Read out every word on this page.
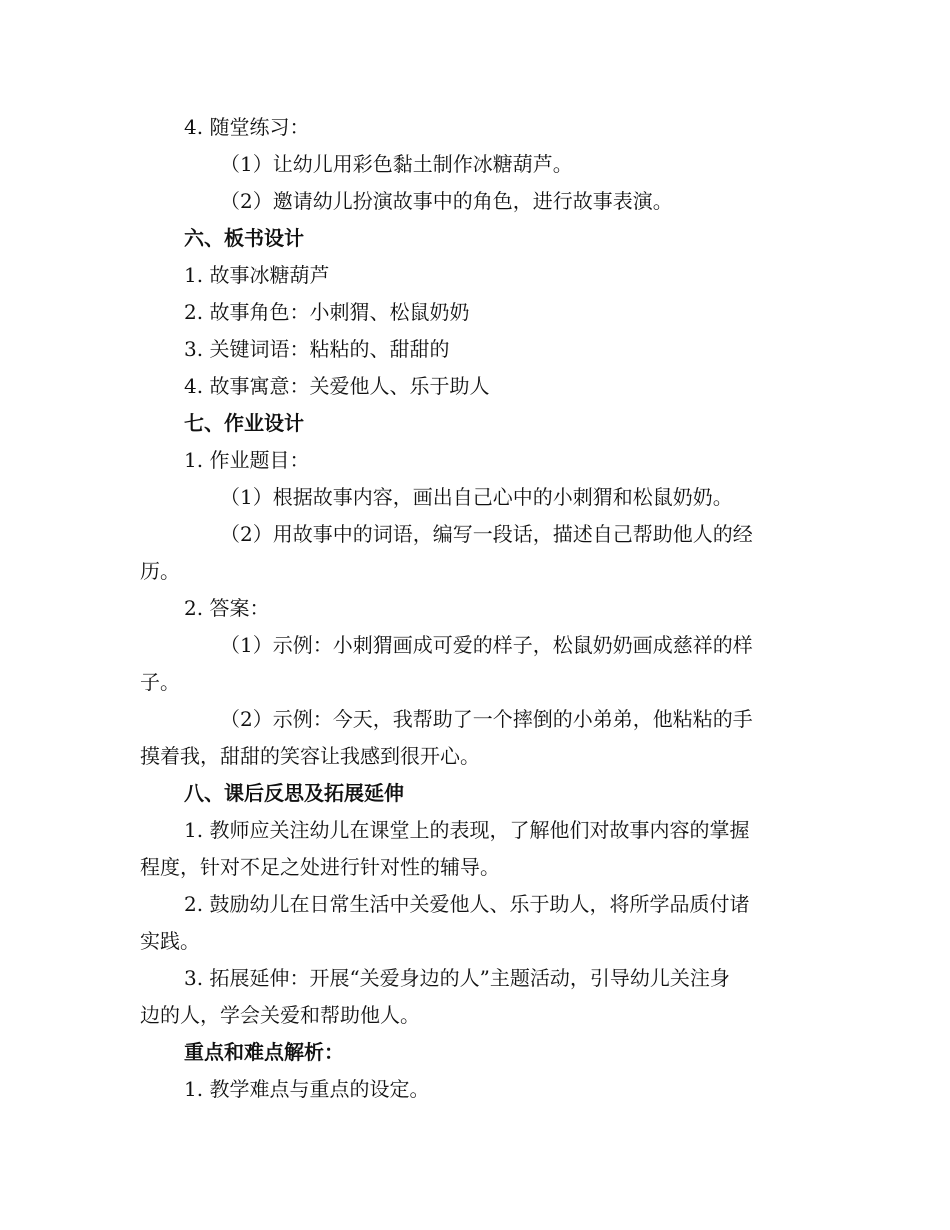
4. 随堂练习：
（1）让幼儿用彩色黏土制作冰糖葫芦。
（2）邀请幼儿扮演故事中的角色，进行故事表演。
六、板书设计
1. 故事冰糖葫芦
2. 故事角色：小刺猬、松鼠奶奶
3. 关键词语：粘粘的、甜甜的
4. 故事寓意：关爱他人、乐于助人
七、作业设计
1. 作业题目：
（1）根据故事内容，画出自己心中的小刺猬和松鼠奶奶。
（2）用故事中的词语，编写一段话，描述自己帮助他人的经
历。
2. 答案：
（1）示例：小刺猬画成可爱的样子，松鼠奶奶画成慈祥的样
子。
（2）示例：今天，我帮助了一个摔倒的小弟弟，他粘粘的手
摸着我，甜甜的笑容让我感到很开心。
八、课后反思及拓展延伸
1. 教师应关注幼儿在课堂上的表现，了解他们对故事内容的掌握
程度，针对不足之处进行针对性的辅导。
2. 鼓励幼儿在日常生活中关爱他人、乐于助人，将所学品质付诸
实践。
3. 拓展延伸：开展“关爱身边的人”主题活动，引导幼儿关注身
边的人，学会关爱和帮助他人。
重点和难点解析：
1. 教学难点与重点的设定。
